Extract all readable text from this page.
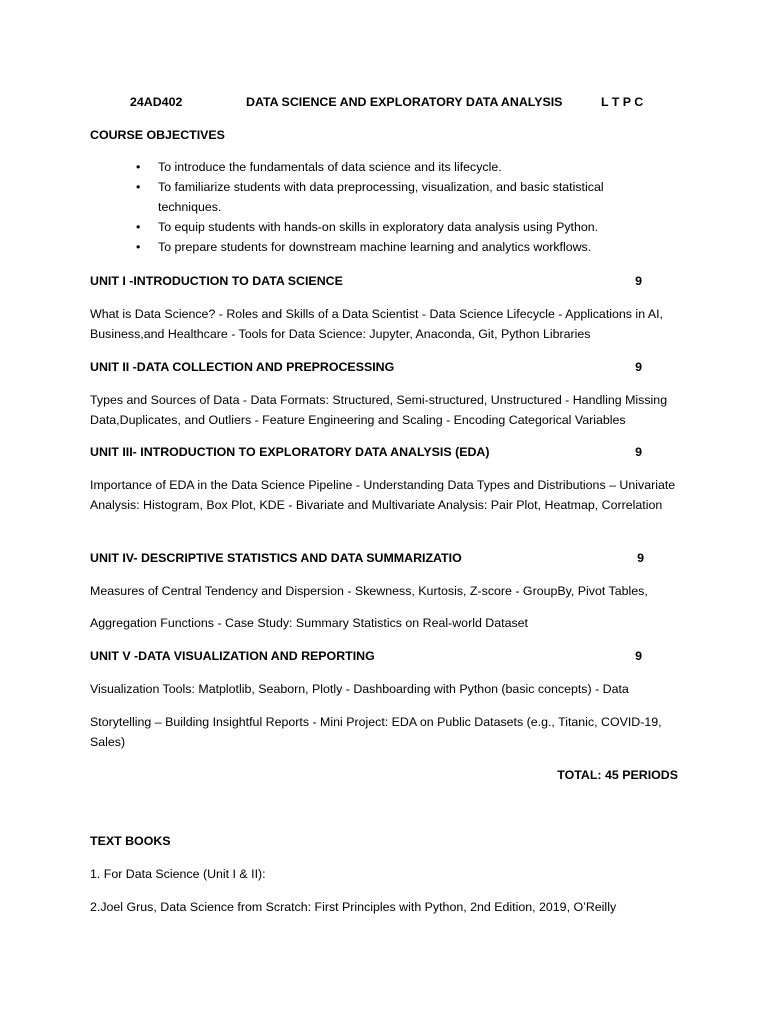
24AD402	DATA SCIENCE AND EXPLORATORY DATA ANALYSIS	L T P C
COURSE OBJECTIVES
• To introduce the fundamentals of data science and its lifecycle.
• To familiarize students with data preprocessing, visualization, and basic statistical techniques.
• To equip students with hands-on skills in exploratory data analysis using Python.
• To prepare students for downstream machine learning and analytics workflows.
UNIT I -INTRODUCTION TO DATA SCIENCE	9

What is Data Science? - Roles and Skills of a Data Scientist - Data Science Lifecycle - Applications in AI, Business,and Healthcare - Tools for Data Science: Jupyter, Anaconda, Git, Python Libraries

UNIT II -DATA COLLECTION AND PREPROCESSING	9

Types and Sources of Data - Data Formats: Structured, Semi-structured, Unstructured - Handling Missing Data,Duplicates, and Outliers - Feature Engineering and Scaling - Encoding Categorical Variables

UNIT III- INTRODUCTION TO EXPLORATORY DATA ANALYSIS (EDA)	9

Importance of EDA in the Data Science Pipeline - Understanding Data Types and Distributions – Univariate Analysis: Histogram, Box Plot, KDE - Bivariate and Multivariate Analysis: Pair Plot, Heatmap, Correlation

UNIT IV- DESCRIPTIVE STATISTICS AND DATA SUMMARIZATIO	9
Measures of Central Tendency and Dispersion - Skewness, Kurtosis, Z-score - GroupBy, Pivot Tables,
Aggregation Functions - Case Study: Summary Statistics on Real-world Dataset
UNIT V -DATA VISUALIZATION AND REPORTING	9
Visualization Tools: Matplotlib, Seaborn, Plotly - Dashboarding with Python (basic concepts) - Data

Storytelling – Building Insightful Reports - Mini Project: EDA on Public Datasets (e.g., Titanic, COVID-19, Sales)

TOTAL: 45 PERIODS
TEXT BOOKS
1. For Data Science (Unit I & II):
2.Joel Grus, Data Science from Scratch: First Principles with Python, 2nd Edition, 2019, O’Reilly
